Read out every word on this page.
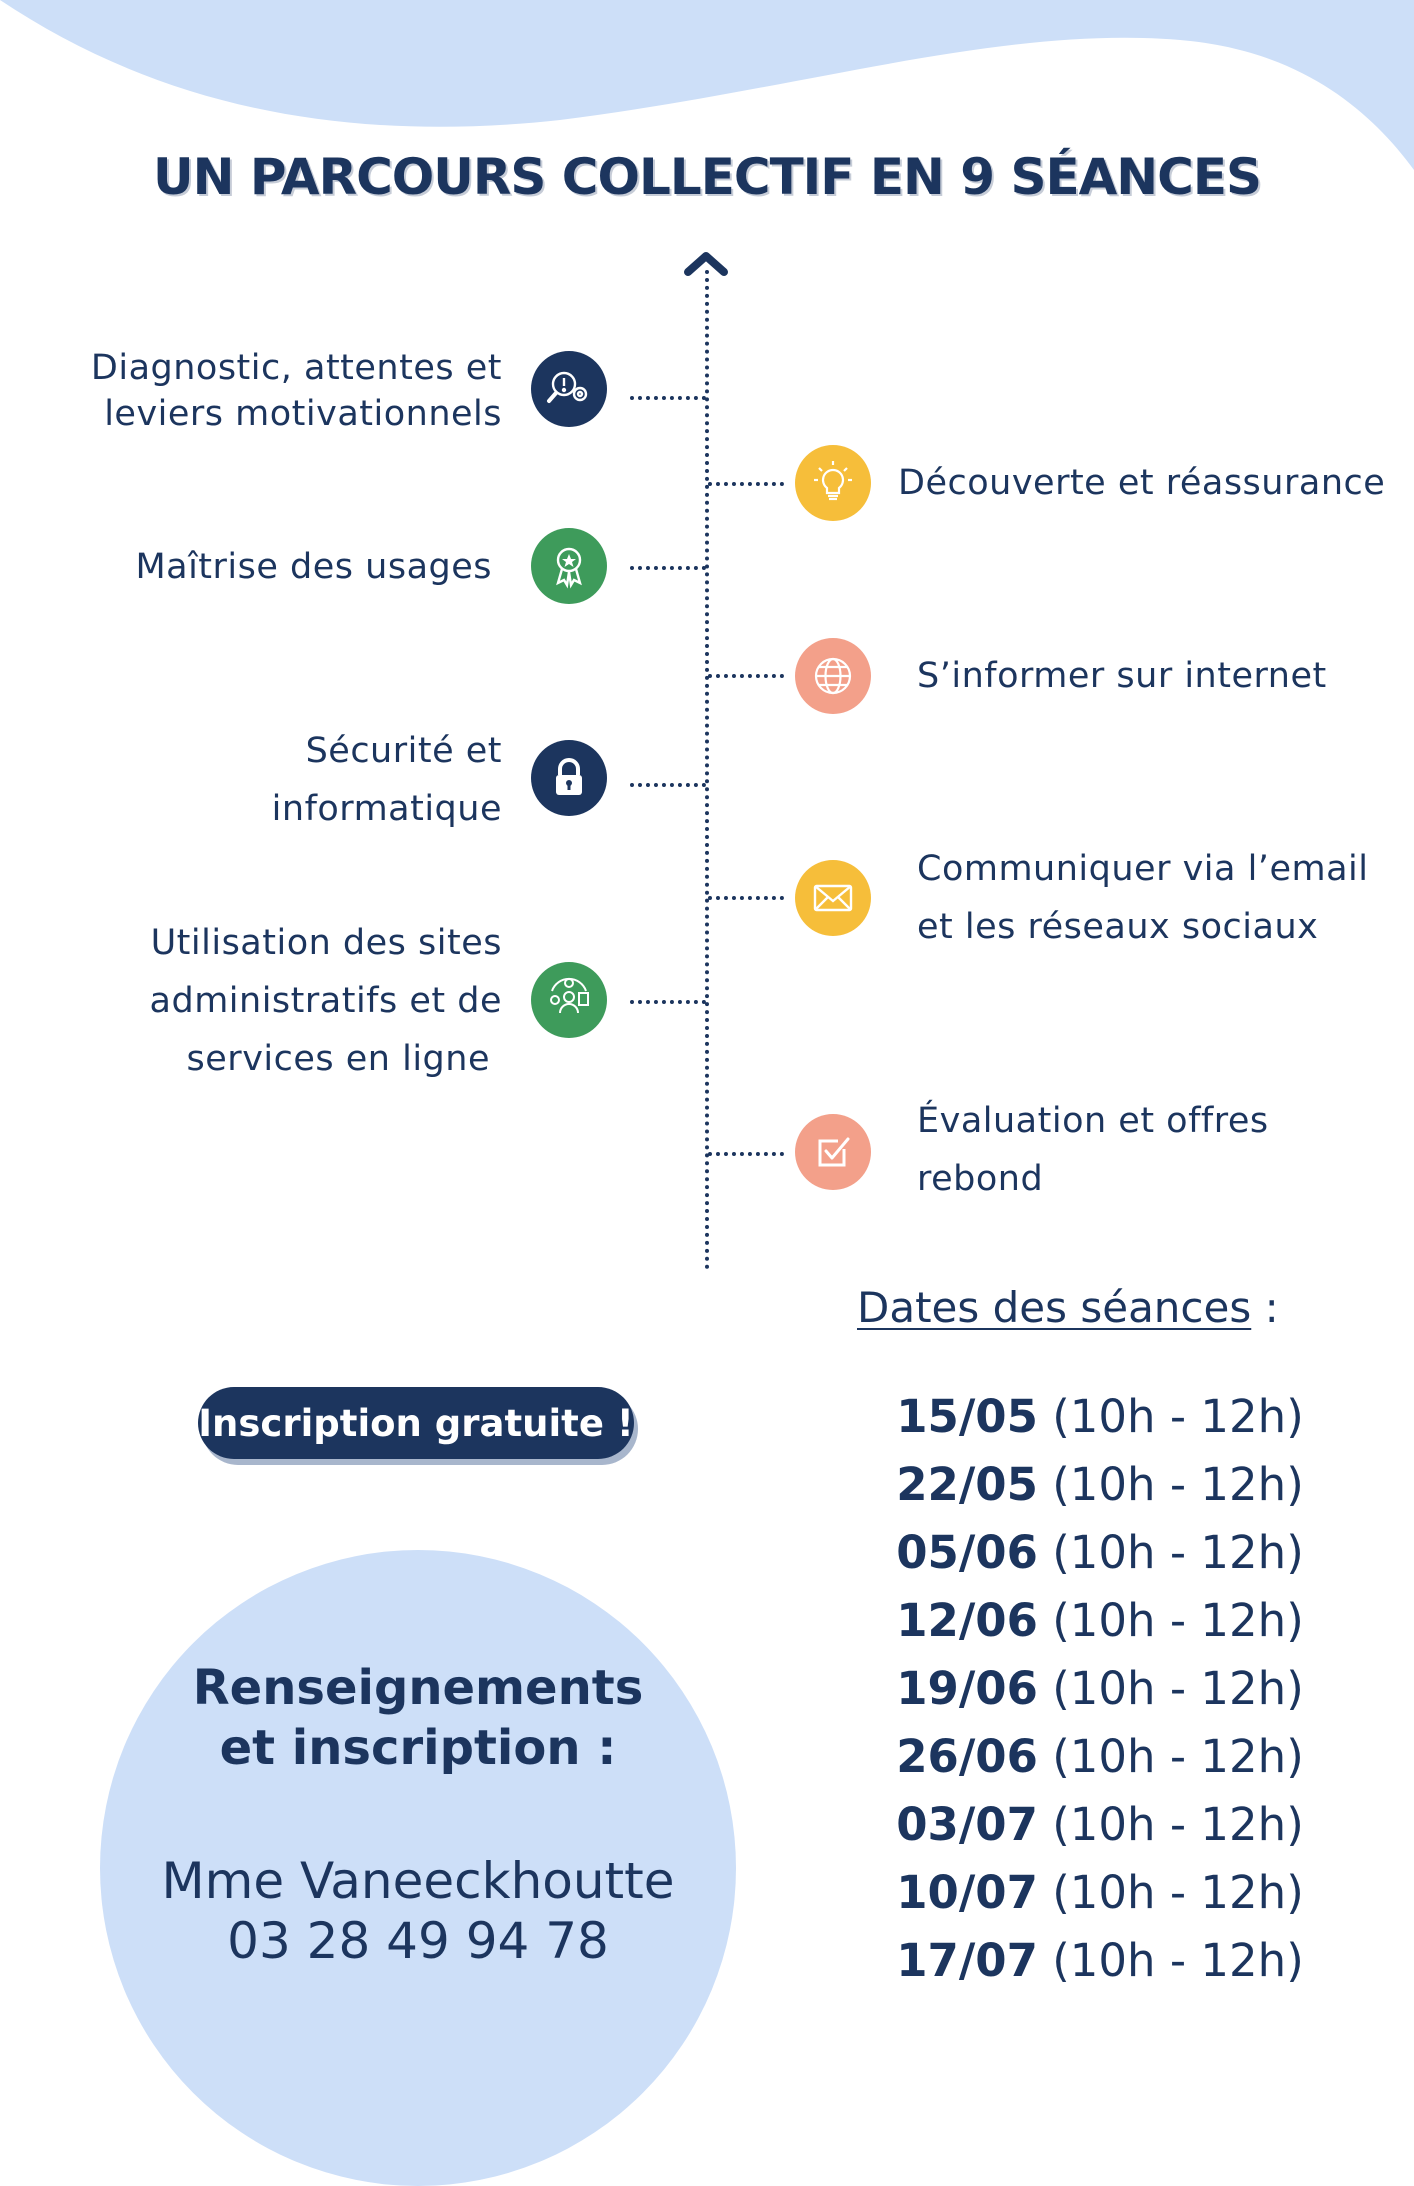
UN PARCOURS COLLECTIF EN 9 SÉANCES
Diagnostic, attentes et
leviers motivationnels
Maîtrise des usages
Sécurité et
informatique
Utilisation des sites
administratifs et de
services en ligne
Découverte et réassurance
S’informer sur internet
Communiquer via l’email
et les réseaux sociaux
Évaluation et offres
rebond
Inscription gratuite !
Dates des séances :
15/05 (10h - 12h)
22/05 (10h - 12h)
05/06 (10h - 12h)
12/06 (10h - 12h)
19/06 (10h - 12h)
26/06 (10h - 12h)
03/07 (10h - 12h)
10/07 (10h - 12h)
17/07 (10h - 12h)
Renseignements
et inscription :
Mme Vaneeckhoutte
03 28 49 94 78
